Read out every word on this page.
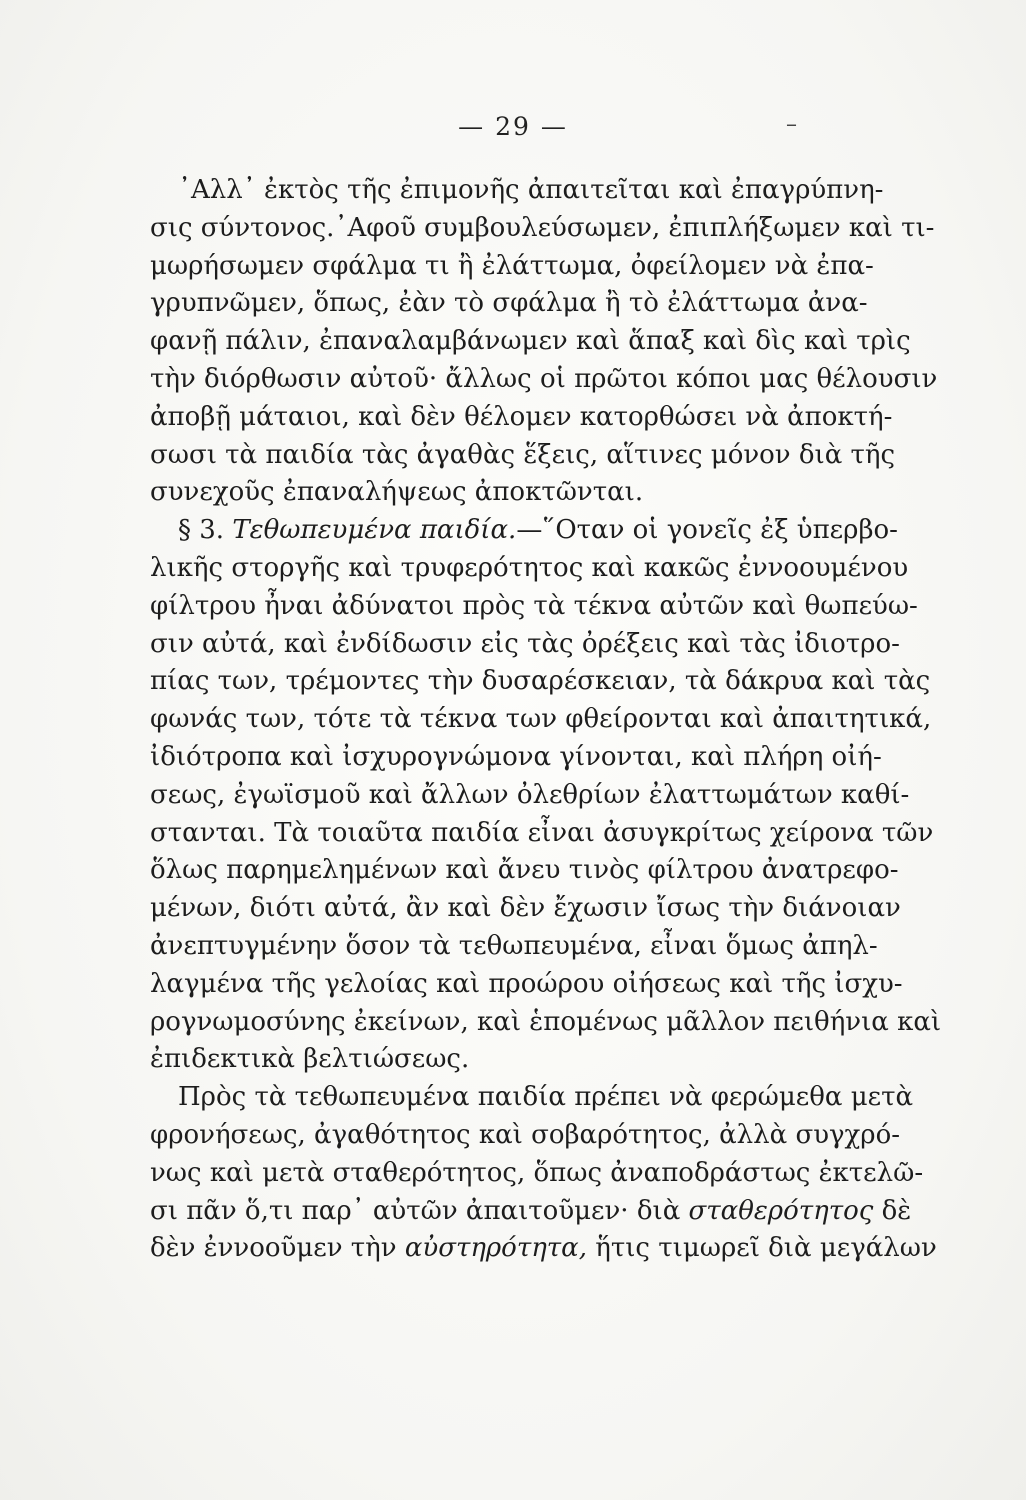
— 29 —	–
᾿Αλλ᾿ ἐκτὸς τῆς ἐπιμονῆς ἀπαιτεῖται καὶ ἐπαγρύπνη-
σις σύντονος.᾿Αφοῦ συμβουλεύσωμεν, ἐπιπλήξωμεν καὶ τι-
μωρήσωμεν σφάλμα τι ἢ ἐλάττωμα, ὀφείλομεν νὰ ἐπα-
γρυπνῶμεν, ὅπως, ἐὰν τὸ σφάλμα ἢ τὸ ἐλάττωμα ἀνα-
φανῇ πάλιν, ἐπαναλαμβάνωμεν καὶ ἅπαξ καὶ δὶς καὶ τρὶς
τὴν διόρθωσιν αὐτοῦ· ἄλλως οἱ πρῶτοι κόποι μας θέλουσιν
ἀποβῇ μάταιοι, καὶ δὲν θέλομεν κατορθώσει νὰ ἀποκτή-
σωσι τὰ παιδία τὰς ἀγαθὰς ἕξεις, αἵτινες μόνον διὰ τῆς
συνεχοῦς ἐπαναλήψεως ἀποκτῶνται.
§ 3. Τεθωπευμένα παιδία.—῞Οταν οἱ γονεῖς ἐξ ὑπερβο-
λικῆς στοργῆς καὶ τρυφερότητος καὶ κακῶς ἐννοουμένου
φίλτρου ἦναι ἀδύνατοι πρὸς τὰ τέκνα αὐτῶν καὶ θωπεύω-
σιν αὐτά, καὶ ἐνδίδωσιν εἰς τὰς ὀρέξεις καὶ τὰς ἰδιοτρο-
πίας των, τρέμοντες τὴν δυσαρέσκειαν, τὰ δάκρυα καὶ τὰς
φωνάς των, τότε τὰ τέκνα των φθείρονται καὶ ἀπαιτητικά,
ἰδιότροπα καὶ ἰσχυρογνώμονα γίνονται, καὶ πλήρη οἰή-
σεως, ἐγωϊσμοῦ καὶ ἄλλων ὀλεθρίων ἐλαττωμάτων καθί-
στανται. Τὰ τοιαῦτα παιδία εἶναι ἀσυγκρίτως χείρονα τῶν
ὅλως παρημελημένων καὶ ἄνευ τινὸς φίλτρου ἀνατρεφο-
μένων, διότι αὐτά, ἂν καὶ δὲν ἔχωσιν ἴσως τὴν διάνοιαν
ἀνεπτυγμένην ὅσον τὰ τεθωπευμένα, εἶναι ὅμως ἀπηλ-
λαγμένα τῆς γελοίας καὶ προώρου οἰήσεως καὶ τῆς ἰσχυ-
ρογνωμοσύνης ἐκείνων, καὶ ἑπομένως μᾶλλον πειθήνια καὶ
ἐπιδεκτικὰ βελτιώσεως.
Πρὸς τὰ τεθωπευμένα παιδία πρέπει νὰ φερώμεθα μετὰ
φρονήσεως, ἀγαθότητος καὶ σοβαρότητος, ἀλλὰ συγχρό-
νως καὶ μετὰ σταθερότητος, ὅπως ἀναποδράστως ἐκτελῶ-
σι πᾶν ὅ,τι παρ᾿ αὐτῶν ἀπαιτοῦμεν· διὰ σταθερότητος δὲ
δὲν ἐννοοῦμεν τὴν αὐστηρότητα, ἥτις τιμωρεῖ διὰ μεγάλων
